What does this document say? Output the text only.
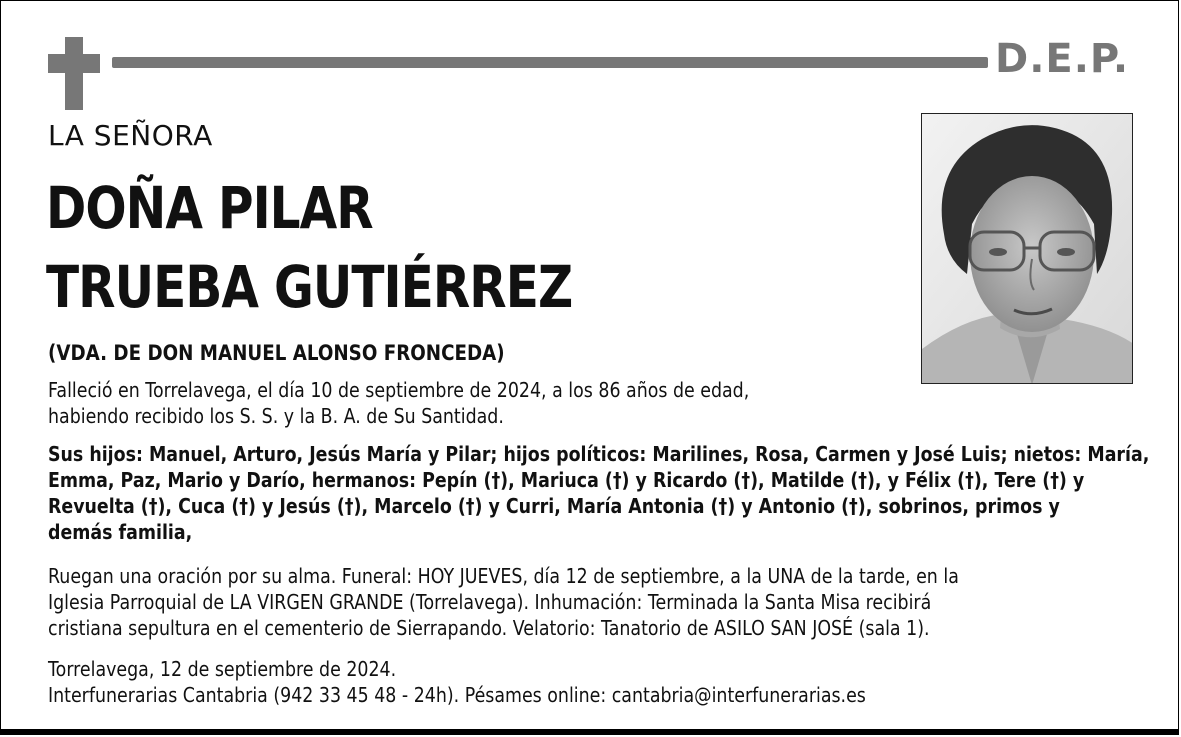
D.E.P.
LA SEÑORA
DOÑA PILAR
TRUEBA GUTIÉRREZ
(VDA. DE DON MANUEL ALONSO FRONCEDA)
Falleció en Torrelavega, el día 10 de septiembre de 2024, a los 86 años de edad,
habiendo recibido los S. S. y la B. A. de Su Santidad.
Sus hijos: Manuel, Arturo, Jesús María y Pilar; hijos políticos: Marilines, Rosa, Carmen y José Luis; nietos: María,
Emma, Paz, Mario y Darío, hermanos: Pepín (†), Mariuca (†) y Ricardo (†), Matilde (†), y Félix (†), Tere (†) y
Revuelta (†), Cuca (†) y Jesús (†), Marcelo (†) y Curri, María Antonia (†) y Antonio (†), sobrinos, primos y
demás familia,
Ruegan una oración por su alma. Funeral: HOY JUEVES, día 12 de septiembre, a la UNA de la tarde, en la
Iglesia Parroquial de LA VIRGEN GRANDE (Torrelavega). Inhumación: Terminada la Santa Misa recibirá
cristiana sepultura en el cementerio de Sierrapando. Velatorio: Tanatorio de ASILO SAN JOSÉ (sala 1).
Torrelavega, 12 de septiembre de 2024.
Interfunerarias Cantabria (942 33 45 48 - 24h). Pésames online: cantabria@interfunerarias.es
